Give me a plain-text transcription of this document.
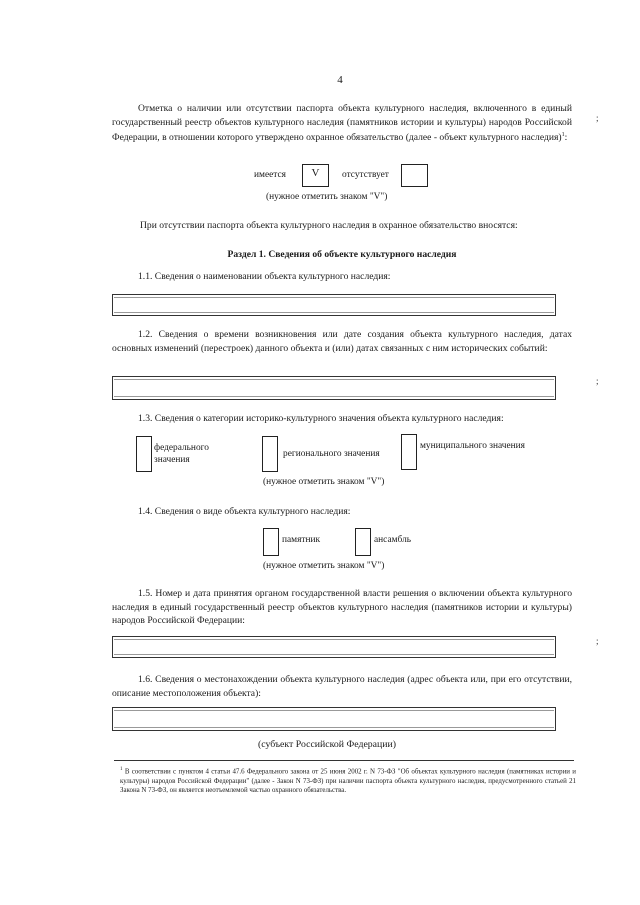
4
Отметка о наличии или отсутствии паспорта объекта культурного наследия, включенного в единый государственный реестр объектов культурного наследия (памятников истории и культуры) народов Российской Федерации, в отношении которого утверждено охранное обязательство (далее - объект культурного наследия)$^1$:
имеется	V	отсутствует
(нужное отметить знаком "V")
При отсутствии паспорта объекта культурного наследия в охранное обязательство вносятся:
Раздел 1. Сведения об объекте культурного наследия
1.1. Сведения о наименовании объекта культурного наследия:
1.2. Сведения о времени возникновения или дате создания объекта культурного наследия, датах основных изменений (перестроек) данного объекта и (или) датах связанных с ним исторических событий:
1.3. Сведения о категории историко-культурного значения объекта культурного наследия:
федерального значения
регионального значения
муниципального значения
(нужное отметить знаком "V")
1.4. Сведения о виде объекта культурного наследия:
памятник	ансамбль
(нужное отметить знаком "V")
1.5. Номер и дата принятия органом государственной власти решения о включении объекта культурного наследия в единый государственный реестр объектов культурного наследия (памятников истории и культуры) народов Российской Федерации:
1.6. Сведения о местонахождении объекта культурного наследия (адрес объекта или, при его отсутствии, описание местоположения объекта):
(субъект Российской Федерации)
$^1$ В соответствии с пунктом 4 статьи 47.6 Федерального закона от 25 июня 2002 г. N 73-ФЗ "Об объектах культурного наследия (памятниках истории и культуры) народов Российской Федерации" (далее - Закон N 73-ФЗ) при наличии паспорта объекта культурного наследия, предусмотренного статьей 21 Закона N 73-ФЗ, он является неотъемлемой частью охранного обязательства.
;
;
;
